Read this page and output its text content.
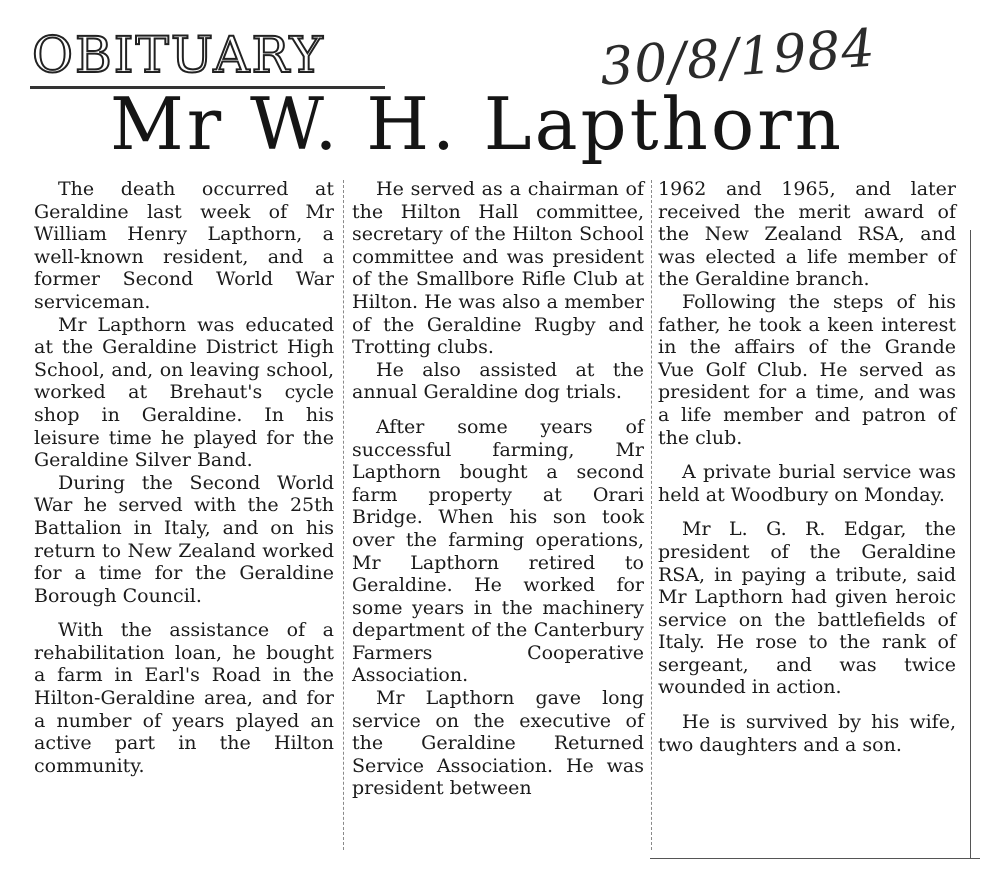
OBITUARY	30/8/1984
Mr W. H. Lapthorn

The death occurred at Geraldine last week of Mr William Henry Lapthorn, a well-known resident, and a former Second World War serviceman.

Mr Lapthorn was educated at the Geraldine District High School, and, on leaving school, worked at Brehaut's cycle shop in Geraldine. In his leisure time he played for the Geraldine Silver Band.

During the Second World War he served with the 25th Battalion in Italy, and on his return to New Zealand worked for a time for the Geraldine Borough Council.

With the assistance of a rehabilitation loan, he bought a farm in Earl's Road in the Hilton-Geraldine area, and for a number of years played an active part in the Hilton community.

He served as a chairman of the Hilton Hall committee, secretary of the Hilton School committee and was president of the Smallbore Rifle Club at Hilton. He was also a member of the Geraldine Rugby and Trotting clubs.

He also assisted at the annual Geraldine dog trials.

After some years of successful farming, Mr Lapthorn bought a second farm property at Orari Bridge. When his son took over the farming operations, Mr Lapthorn retired to Geraldine. He worked for some years in the machinery department of the Canterbury Farmers Cooperative Association.

Mr Lapthorn gave long service on the executive of the Geraldine Returned Service Association. He was president between

1962 and 1965, and later received the merit award of the New Zealand RSA, and was elected a life member of the Geraldine branch.

Following the steps of his father, he took a keen interest in the affairs of the Grande Vue Golf Club. He served as president for a time, and was a life member and patron of the club.

A private burial service was held at Woodbury on Monday.

Mr L. G. R. Edgar, the president of the Geraldine RSA, in paying a tribute, said Mr Lapthorn had given heroic service on the battlefields of Italy. He rose to the rank of sergeant, and was twice wounded in action.

He is survived by his wife, two daughters and a son.
